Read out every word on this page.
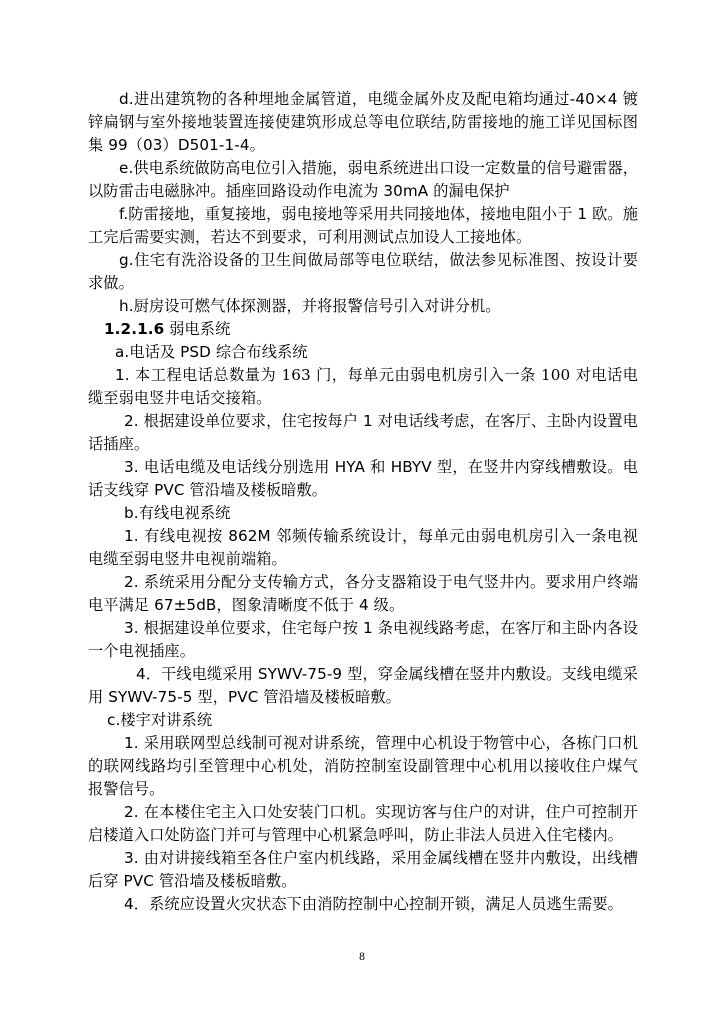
d.进出建筑物的各种埋地金属管道，电缆金属外皮及配电箱均通过-40×4 镀锌扁钢与室外接地装置连接使建筑形成总等电位联结,防雷接地的施工详见国标图集 99（03）D501-1-4。

e.供电系统做防高电位引入措施，弱电系统进出口设一定数量的信号避雷器，以防雷击电磁脉冲。插座回路设动作电流为 30mA 的漏电保护

f.防雷接地，重复接地，弱电接地等采用共同接地体，接地电阻小于 1 欧。施工完后需要实测，若达不到要求，可利用测试点加设人工接地体。

g.住宅有洗浴设备的卫生间做局部等电位联结，做法参见标准图、按设计要求做。

h.厨房设可燃气体探测器，并将报警信号引入对讲分机。

1.2.1.6 弱电系统

a.电话及 PSD 综合布线系统

1. 本工程电话总数量为 163 门，每单元由弱电机房引入一条 100 对电话电缆至弱电竖井电话交接箱。

2. 根据建设单位要求，住宅按每户 1 对电话线考虑，在客厅、主卧内设置电话插座。

3. 电话电缆及电话线分别选用 HYA 和 HBYV 型，在竖井内穿线槽敷设。电话支线穿 PVC 管沿墙及楼板暗敷。

b.有线电视系统

1. 有线电视按 862M 邻频传输系统设计，每单元由弱电机房引入一条电视电缆至弱电竖井电视前端箱。

2. 系统采用分配分支传输方式，各分支器箱设于电气竖井内。要求用户终端电平满足 67±5dB，图象清晰度不低于 4 级。

3. 根据建设单位要求，住宅每户按 1 条电视线路考虑，在客厅和主卧内各设一个电视插座。

4．干线电缆采用 SYWV-75-9 型，穿金属线槽在竖井内敷设。支线电缆采用 SYWV-75-5 型，PVC 管沿墙及楼板暗敷。

c.楼宇对讲系统

1. 采用联网型总线制可视对讲系统，管理中心机设于物管中心，各栋门口机的联网线路均引至管理中心机处，消防控制室设副管理中心机用以接收住户煤气报警信号。

2. 在本楼住宅主入口处安装门口机。实现访客与住户的对讲，住户可控制开启楼道入口处防盗门并可与管理中心机紧急呼叫，防止非法人员进入住宅楼内。

3. 由对讲接线箱至各住户室内机线路，采用金属线槽在竖井内敷设，出线槽后穿 PVC 管沿墙及楼板暗敷。

4．系统应设置火灾状态下由消防控制中心控制开锁，满足人员逃生需要。

8
